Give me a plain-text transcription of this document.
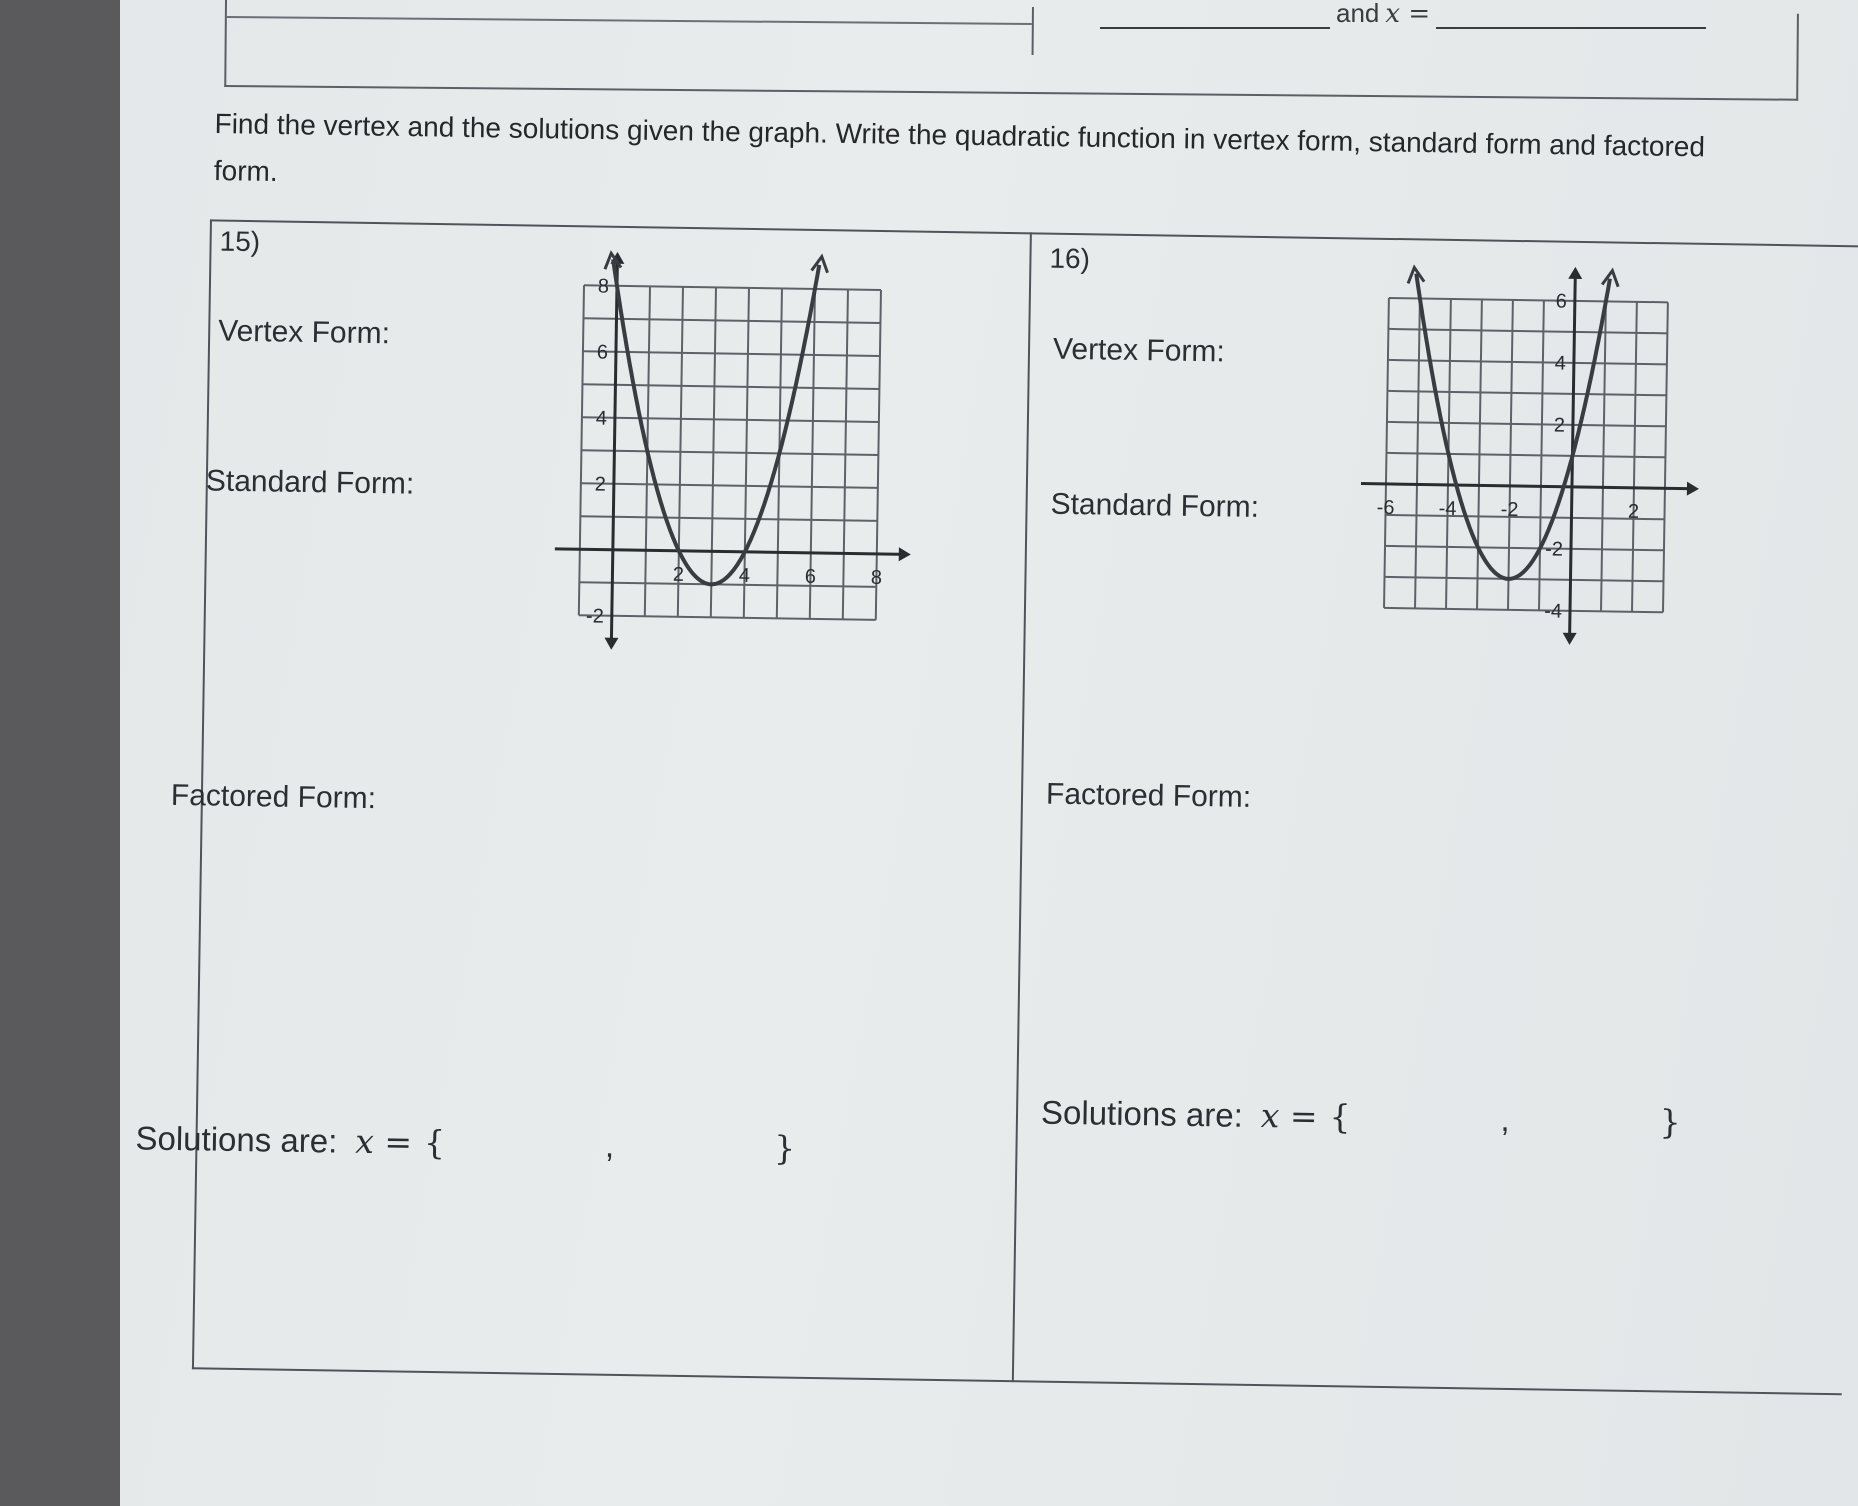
and x =
Find the vertex and the solutions given the graph. Write the quadratic function in vertex form, standard form and factored form.
15)
Vertex Form:
Standard Form:
Factored Form:
Solutions are: x = {	,	}
2	4	6	8
8
6
4
2
-2
16)
Vertex Form:
Standard Form:
Factored Form:
Solutions are: x = {	,	}
-6 -4 -2	2
6
4
2
-2
-4
